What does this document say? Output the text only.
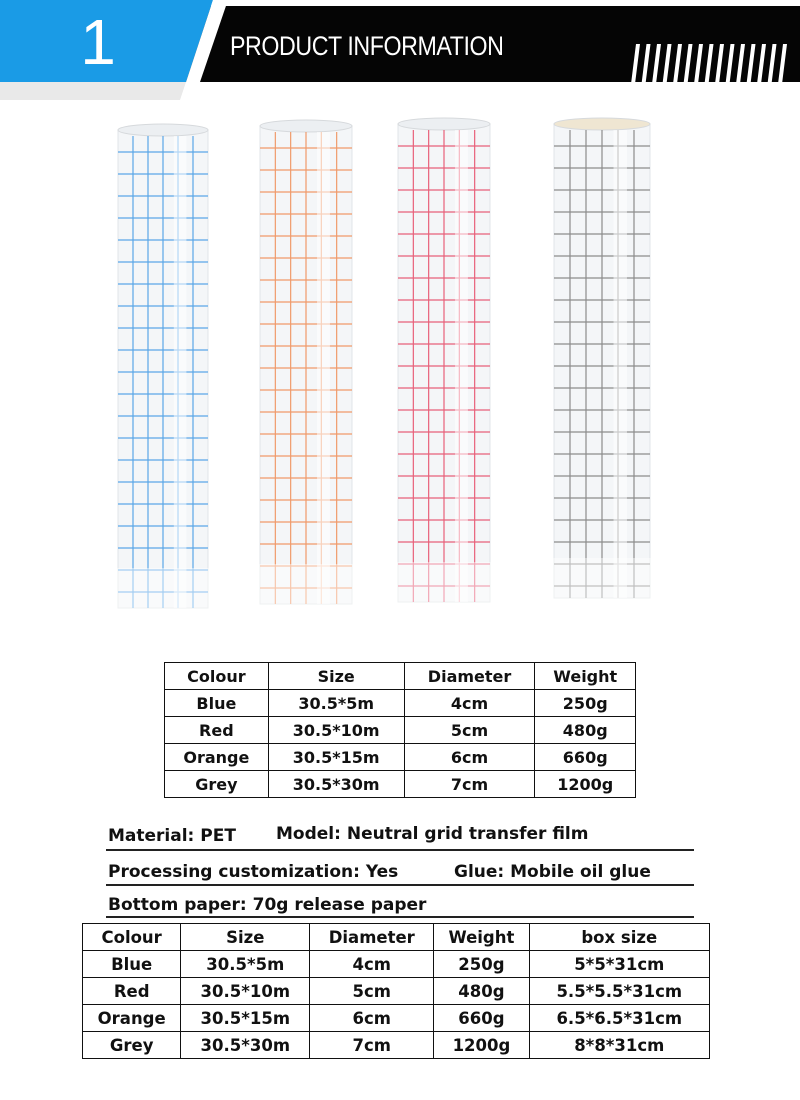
1	PRODUCT INFORMATION
Colour	Size	Diameter	Weight
Blue	30.5*5m	4cm	250g
Red	30.5*10m	5cm	480g
Orange	30.5*15m	6cm	660g
Grey	30.5*30m	7cm	1200g
Material: PET Model: Neutral grid transfer film
Processing customization: Yes	Glue: Mobile oil glue
Bottom paper: 70g release paper
Colour	Size	Diameter	Weight	box size
Blue	30.5*5m	4cm	250g	5*5*31cm
Red	30.5*10m	5cm	480g	5.5*5.5*31cm
Orange	30.5*15m	6cm	660g	6.5*6.5*31cm
Grey	30.5*30m	7cm	1200g	8*8*31cm
